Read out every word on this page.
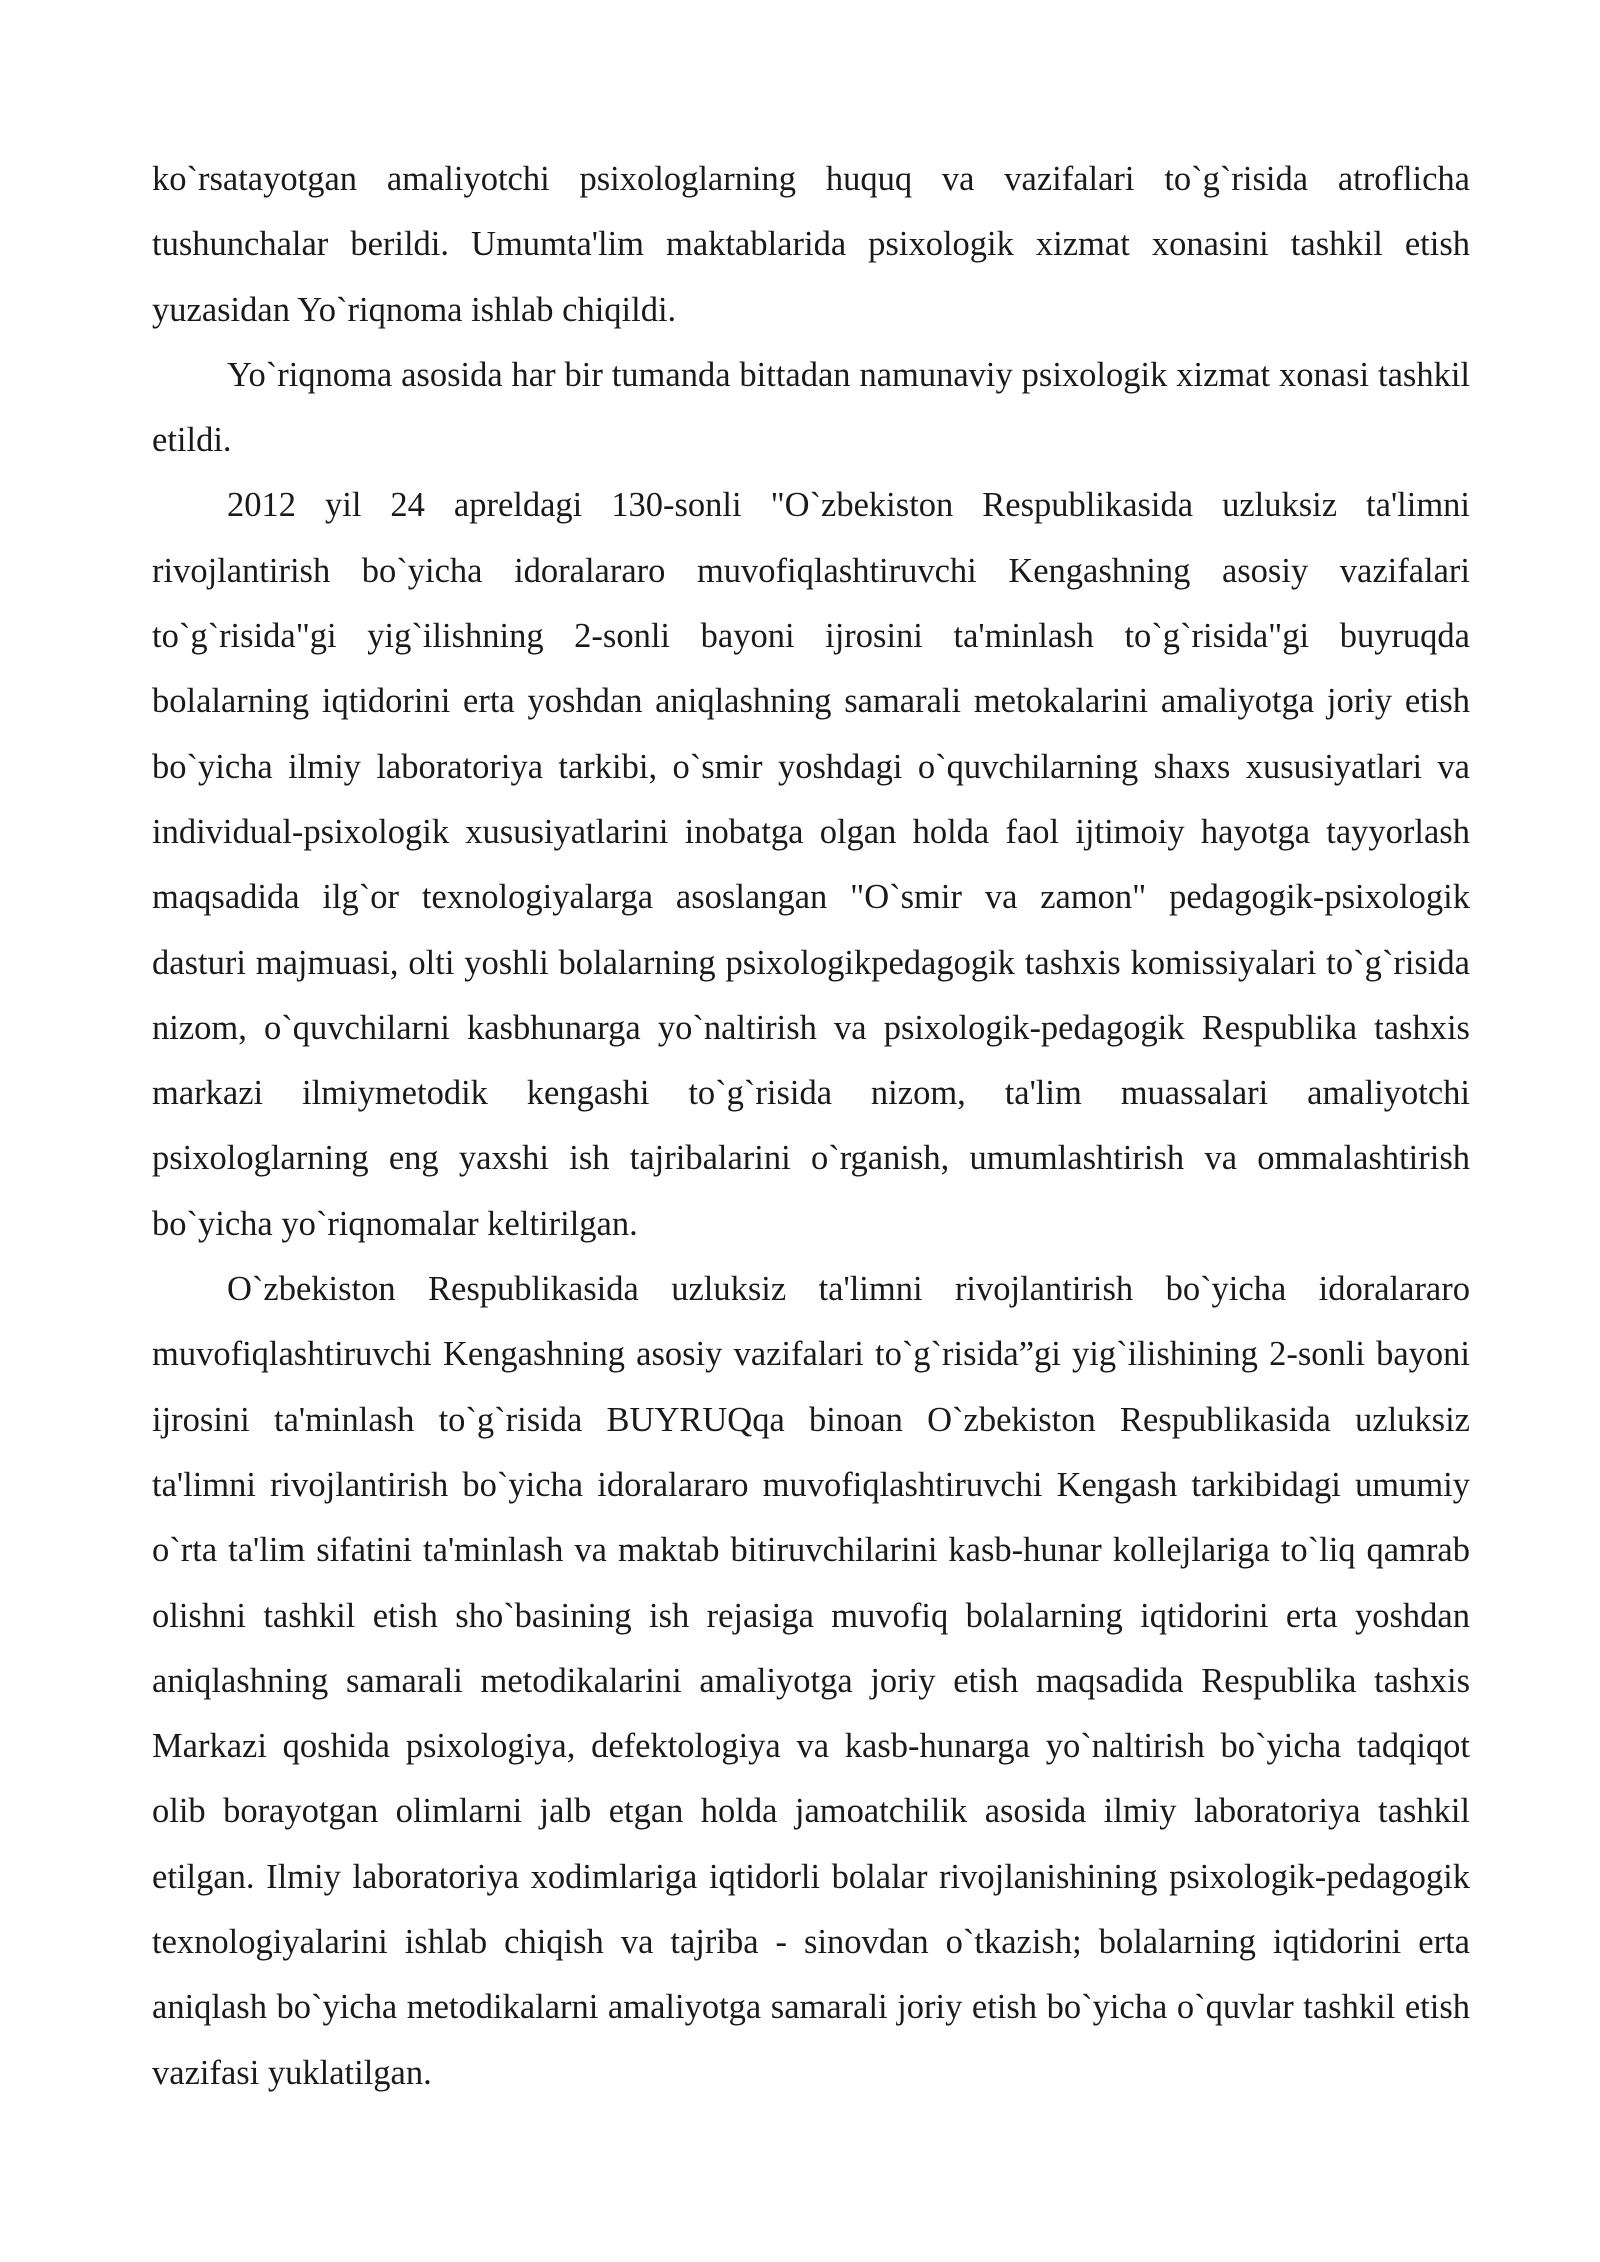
ko`rsatayotgan amaliyotchi psixologlarning huquq va vazifalari to`g`risida atroflicha tushunchalar berildi. Umumta'lim maktablarida psixologik xizmat xonasini tashkil etish yuzasidan Yo`riqnoma ishlab chiqildi.

Yo`riqnoma asosida har bir tumanda bittadan namunaviy psixologik xizmat xonasi tashkil etildi.

2012 yil 24 apreldagi 130-sonli "O`zbekiston Respublikasida uzluksiz ta'limni rivojlantirish bo`yicha idoralararo muvofiqlashtiruvchi Kengashning asosiy vazifalari to`g`risida"gi yig`ilishning 2-sonli bayoni ijrosini ta'minlash to`g`risida"gi buyruqda bolalarning iqtidorini erta yoshdan aniqlashning samarali metokalarini amaliyotga joriy etish bo`yicha ilmiy laboratoriya tarkibi, o`smir yoshdagi o`quvchilarning shaxs xususiyatlari va individual-psixologik xususiyatlarini inobatga olgan holda faol ijtimoiy hayotga tayyorlash maqsadida ilg`or texnologiyalarga asoslangan "O`smir va zamon" pedagogik-psixologik dasturi majmuasi, olti yoshli bolalarning psixologikpedagogik tashxis komissiyalari to`g`risida nizom, o`quvchilarni kasbhunarga yo`naltirish va psixologik-pedagogik Respublika tashxis markazi ilmiymetodik kengashi to`g`risida nizom, ta'lim muassalari amaliyotchi psixologlarning eng yaxshi ish tajribalarini o`rganish, umumlashtirish va ommalashtirish bo`yicha yo`riqnomalar keltirilgan.

O`zbekiston Respublikasida uzluksiz ta'limni rivojlantirish bo`yicha idoralararo muvofiqlashtiruvchi Kengashning asosiy vazifalari to`g`risida”gi yig`ilishining 2-sonli bayoni ijrosini ta'minlash to`g`risida BUYRUQqa binoan O`zbekiston Respublikasida uzluksiz ta'limni rivojlantirish bo`yicha idoralararo muvofiqlashtiruvchi Kengash tarkibidagi umumiy o`rta ta'lim sifatini ta'minlash va maktab bitiruvchilarini kasb-hunar kollejlariga to`liq qamrab olishni tashkil etish sho`basining ish rejasiga muvofiq bolalarning iqtidorini erta yoshdan aniqlashning samarali metodikalarini amaliyotga joriy etish maqsadida Respublika tashxis Markazi qoshida psixologiya, defektologiya va kasb-hunarga yo`naltirish bo`yicha tadqiqot olib borayotgan olimlarni jalb etgan holda jamoatchilik asosida ilmiy laboratoriya tashkil etilgan. Ilmiy laboratoriya xodimlariga iqtidorli bolalar rivojlanishining psixologik-pedagogik texnologiyalarini ishlab chiqish va tajriba - sinovdan o`tkazish; bolalarning iqtidorini erta aniqlash bo`yicha metodikalarni amaliyotga samarali joriy etish bo`yicha o`quvlar tashkil etish vazifasi yuklatilgan.
